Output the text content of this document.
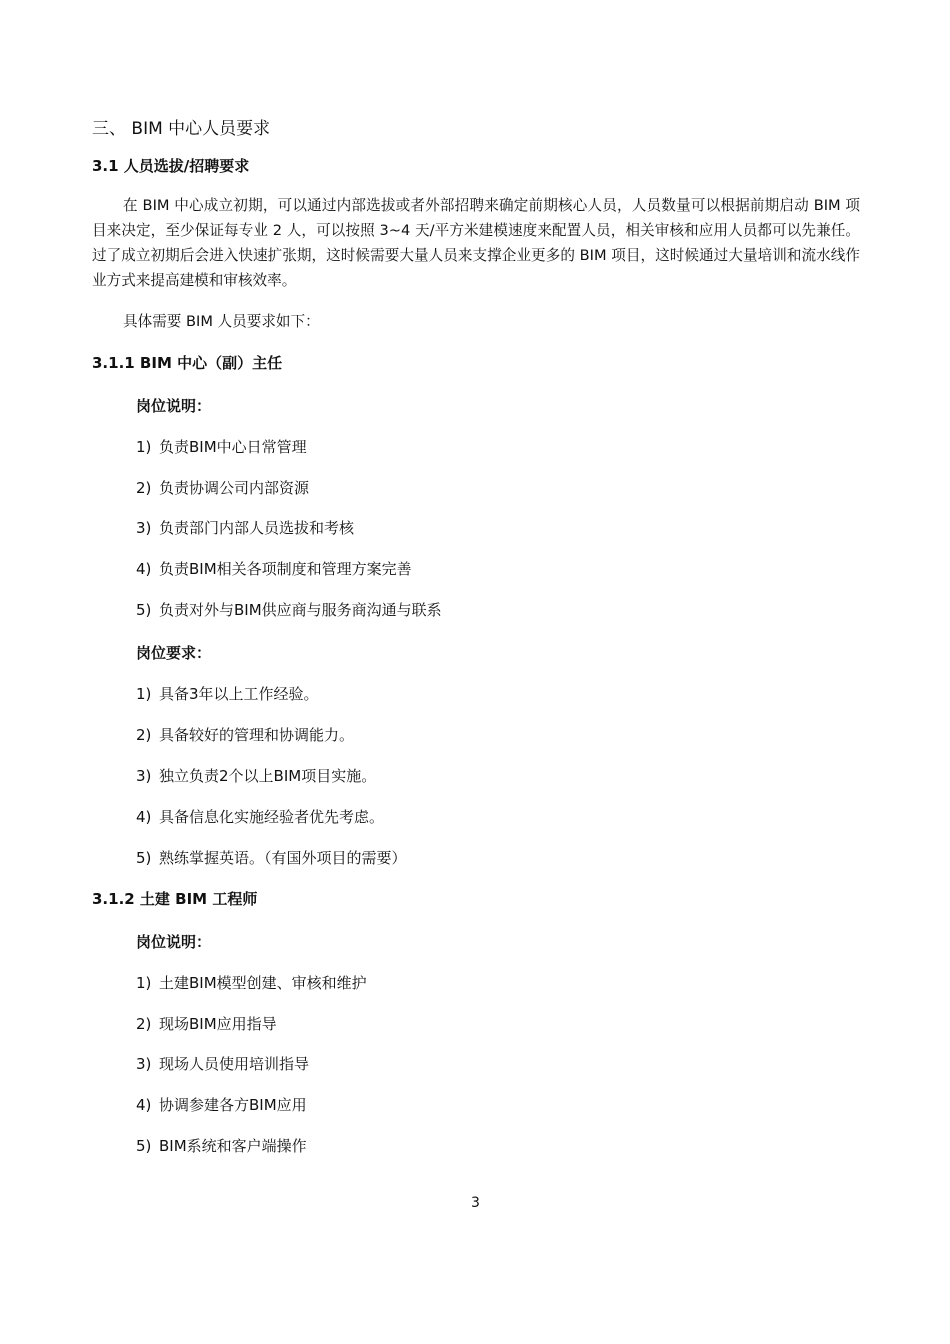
三、 BIM 中心人员要求
3.1 人员选拔/招聘要求

在 BIM 中心成立初期，可以通过内部选拔或者外部招聘来确定前期核心人员，人员数量可以根据前期启动 BIM 项目来决定，至少保证每专业 2 人，可以按照 3~4 天/平方米建模速度来配置人员，相关审核和应用人员都可以先兼任。过了成立初期后会进入快速扩张期，这时候需要大量人员来支撑企业更多的 BIM 项目，这时候通过大量培训和流水线作业方式来提高建模和审核效率。

具体需要 BIM 人员要求如下：

3.1.1 BIM 中心（副）主任
岗位说明：
1) 负责BIM中心日常管理
2) 负责协调公司内部资源
3) 负责部门内部人员选拔和考核
4) 负责BIM相关各项制度和管理方案完善
5) 负责对外与BIM供应商与服务商沟通与联系
岗位要求：
1) 具备3年以上工作经验。
2) 具备较好的管理和协调能力。
3) 独立负责2个以上BIM项目实施。
4) 具备信息化实施经验者优先考虑。
5) 熟练掌握英语。（有国外项目的需要）
3.1.2 土建 BIM 工程师
岗位说明：
1) 土建BIM模型创建、审核和维护
2) 现场BIM应用指导
3) 现场人员使用培训指导
4) 协调参建各方BIM应用
5) BIM系统和客户端操作
3
